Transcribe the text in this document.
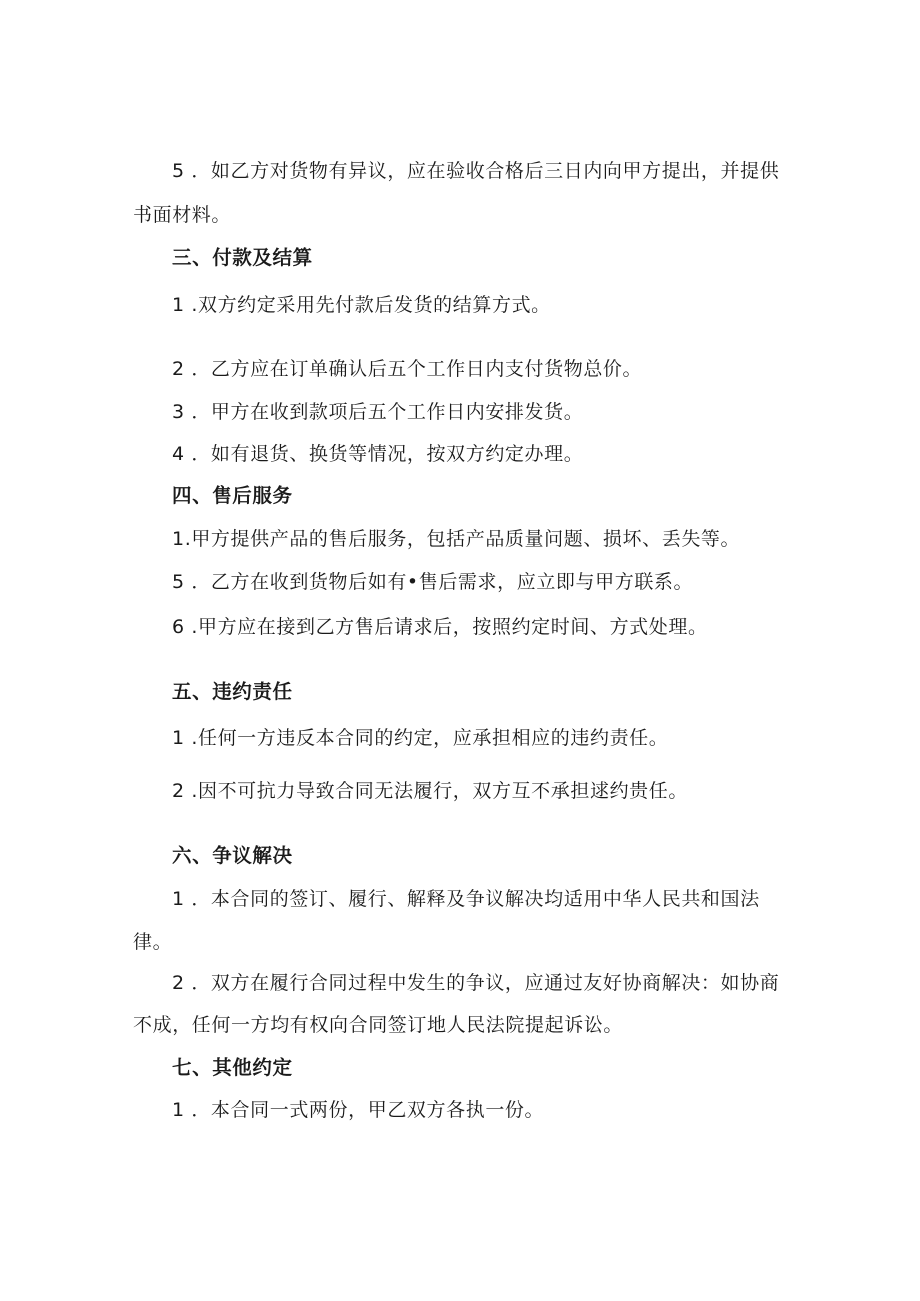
5 ．如乙方对货物有异议，应在验收合格后三日内向甲方提出，并提供
书面材料。
三、付款及结算
1 .双方约定采用先付款后发货的结算方式。
2 ．乙方应在订单确认后五个工作日内支付货物总价。
3 ．甲方在收到款项后五个工作日内安排发货。
4 ．如有退货、换货等情况，按双方约定办理。
四、售后服务
1.甲方提供产品的售后服务，包括产品质量问题、损坏、丢失等。
5 ．乙方在收到货物后如有•售后需求，应立即与甲方联系。
6 .甲方应在接到乙方售后请求后，按照约定时间、方式处理。
五、违约责任
1 .任何一方违反本合同的约定，应承担相应的违约责任。
2 .因不可抗力导致合同无法履行，双方互不承担逑约贵任。
六、争议解决
1 ．本合同的签订、履行、解释及争议解决均适用中华人民共和国法
律。
2 ．双方在履行合同过程中发生的争议，应通过友好协商解决：如协商
不成，任何一方均有权向合同签订地人民法院提起诉讼。
七、其他约定
1 ．本合同一式两份，甲乙双方各执一份。
